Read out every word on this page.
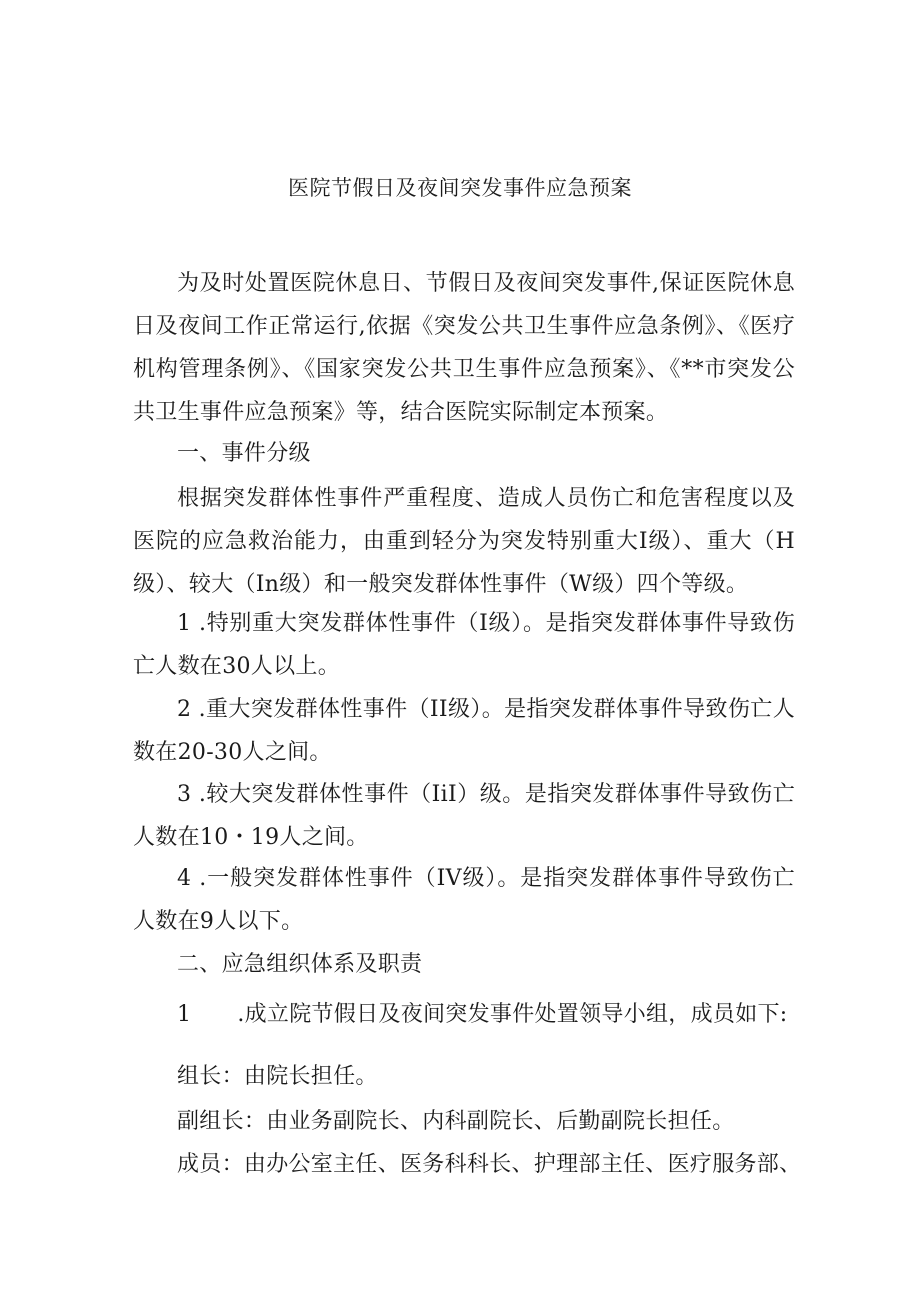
医院节假日及夜间突发事件应急预案

为及时处置医院休息日、节假日及夜间突发事件,保证医院休息日及夜间工作正常运行,依据《突发公共卫生事件应急条例》、《医疗机构管理条例》、《国家突发公共卫生事件应急预案》、《**市突发公共卫生事件应急预案》等，结合医院实际制定本预案。

一、事件分级

根据突发群体性事件严重程度、造成人员伤亡和危害程度以及医院的应急救治能力，由重到轻分为突发特别重大I级）、重大（H级）、较大（In级）和一般突发群体性事件（W级）四个等级。

1 .特别重大突发群体性事件（I级）。是指突发群体事件导致伤亡人数在30人以上。

2 .重大突发群体性事件（II级）。是指突发群体事件导致伤亡人数在20-30人之间。

3 .较大突发群体性事件（IiI）级。是指突发群体事件导致伤亡人数在10・19人之间。

4 .一般突发群体性事件（IV级）。是指突发群体事件导致伤亡人数在9人以下。

二、应急组织体系及职责

1 .成立院节假日及夜间突发事件处置领导小组，成员如下:

组长：由院长担任。

副组长：由业务副院长、内科副院长、后勤副院长担任。

成员：由办公室主任、医务科科长、护理部主任、医疗服务部、
